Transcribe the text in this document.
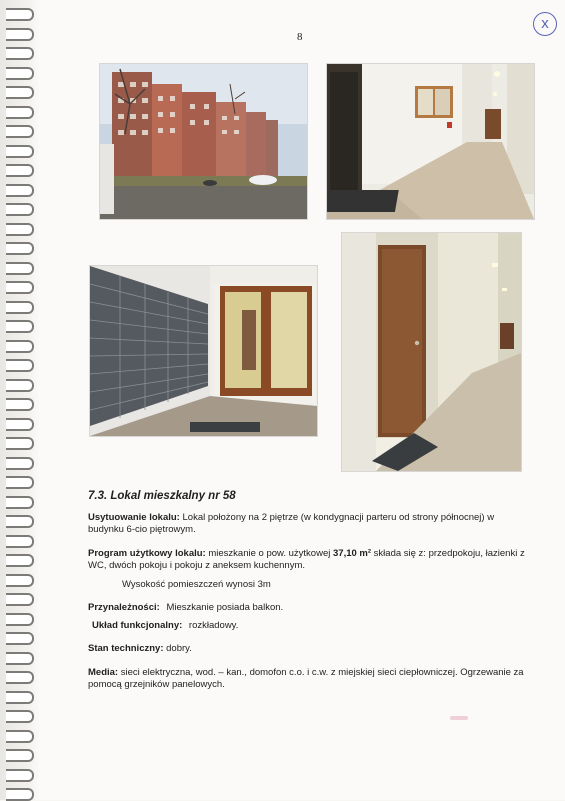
8
x

7.3. Lokal mieszkalny nr 58

Usytuowanie lokalu: Lokal położony na 2 piętrze (w kondygnacji parteru od strony północnej) w budynku 6-cio piętrowym.

Program użytkowy lokalu: mieszkanie o pow. użytkowej 37,10 m² składa się z: przedpokoju, łazienki z WC, dwóch pokoju i pokoju z aneksem kuchennym.

Wysokość pomieszczeń wynosi 3m

Przynależności: Mieszkanie posiada balkon.

Układ funkcjonalny: rozkładowy.

Stan techniczny: dobry.

Media: sieci elektryczna, wod. – kan., domofon c.o. i c.w. z miejskiej sieci ciepłowniczej. Ogrzewanie za pomocą grzejników panelowych.
